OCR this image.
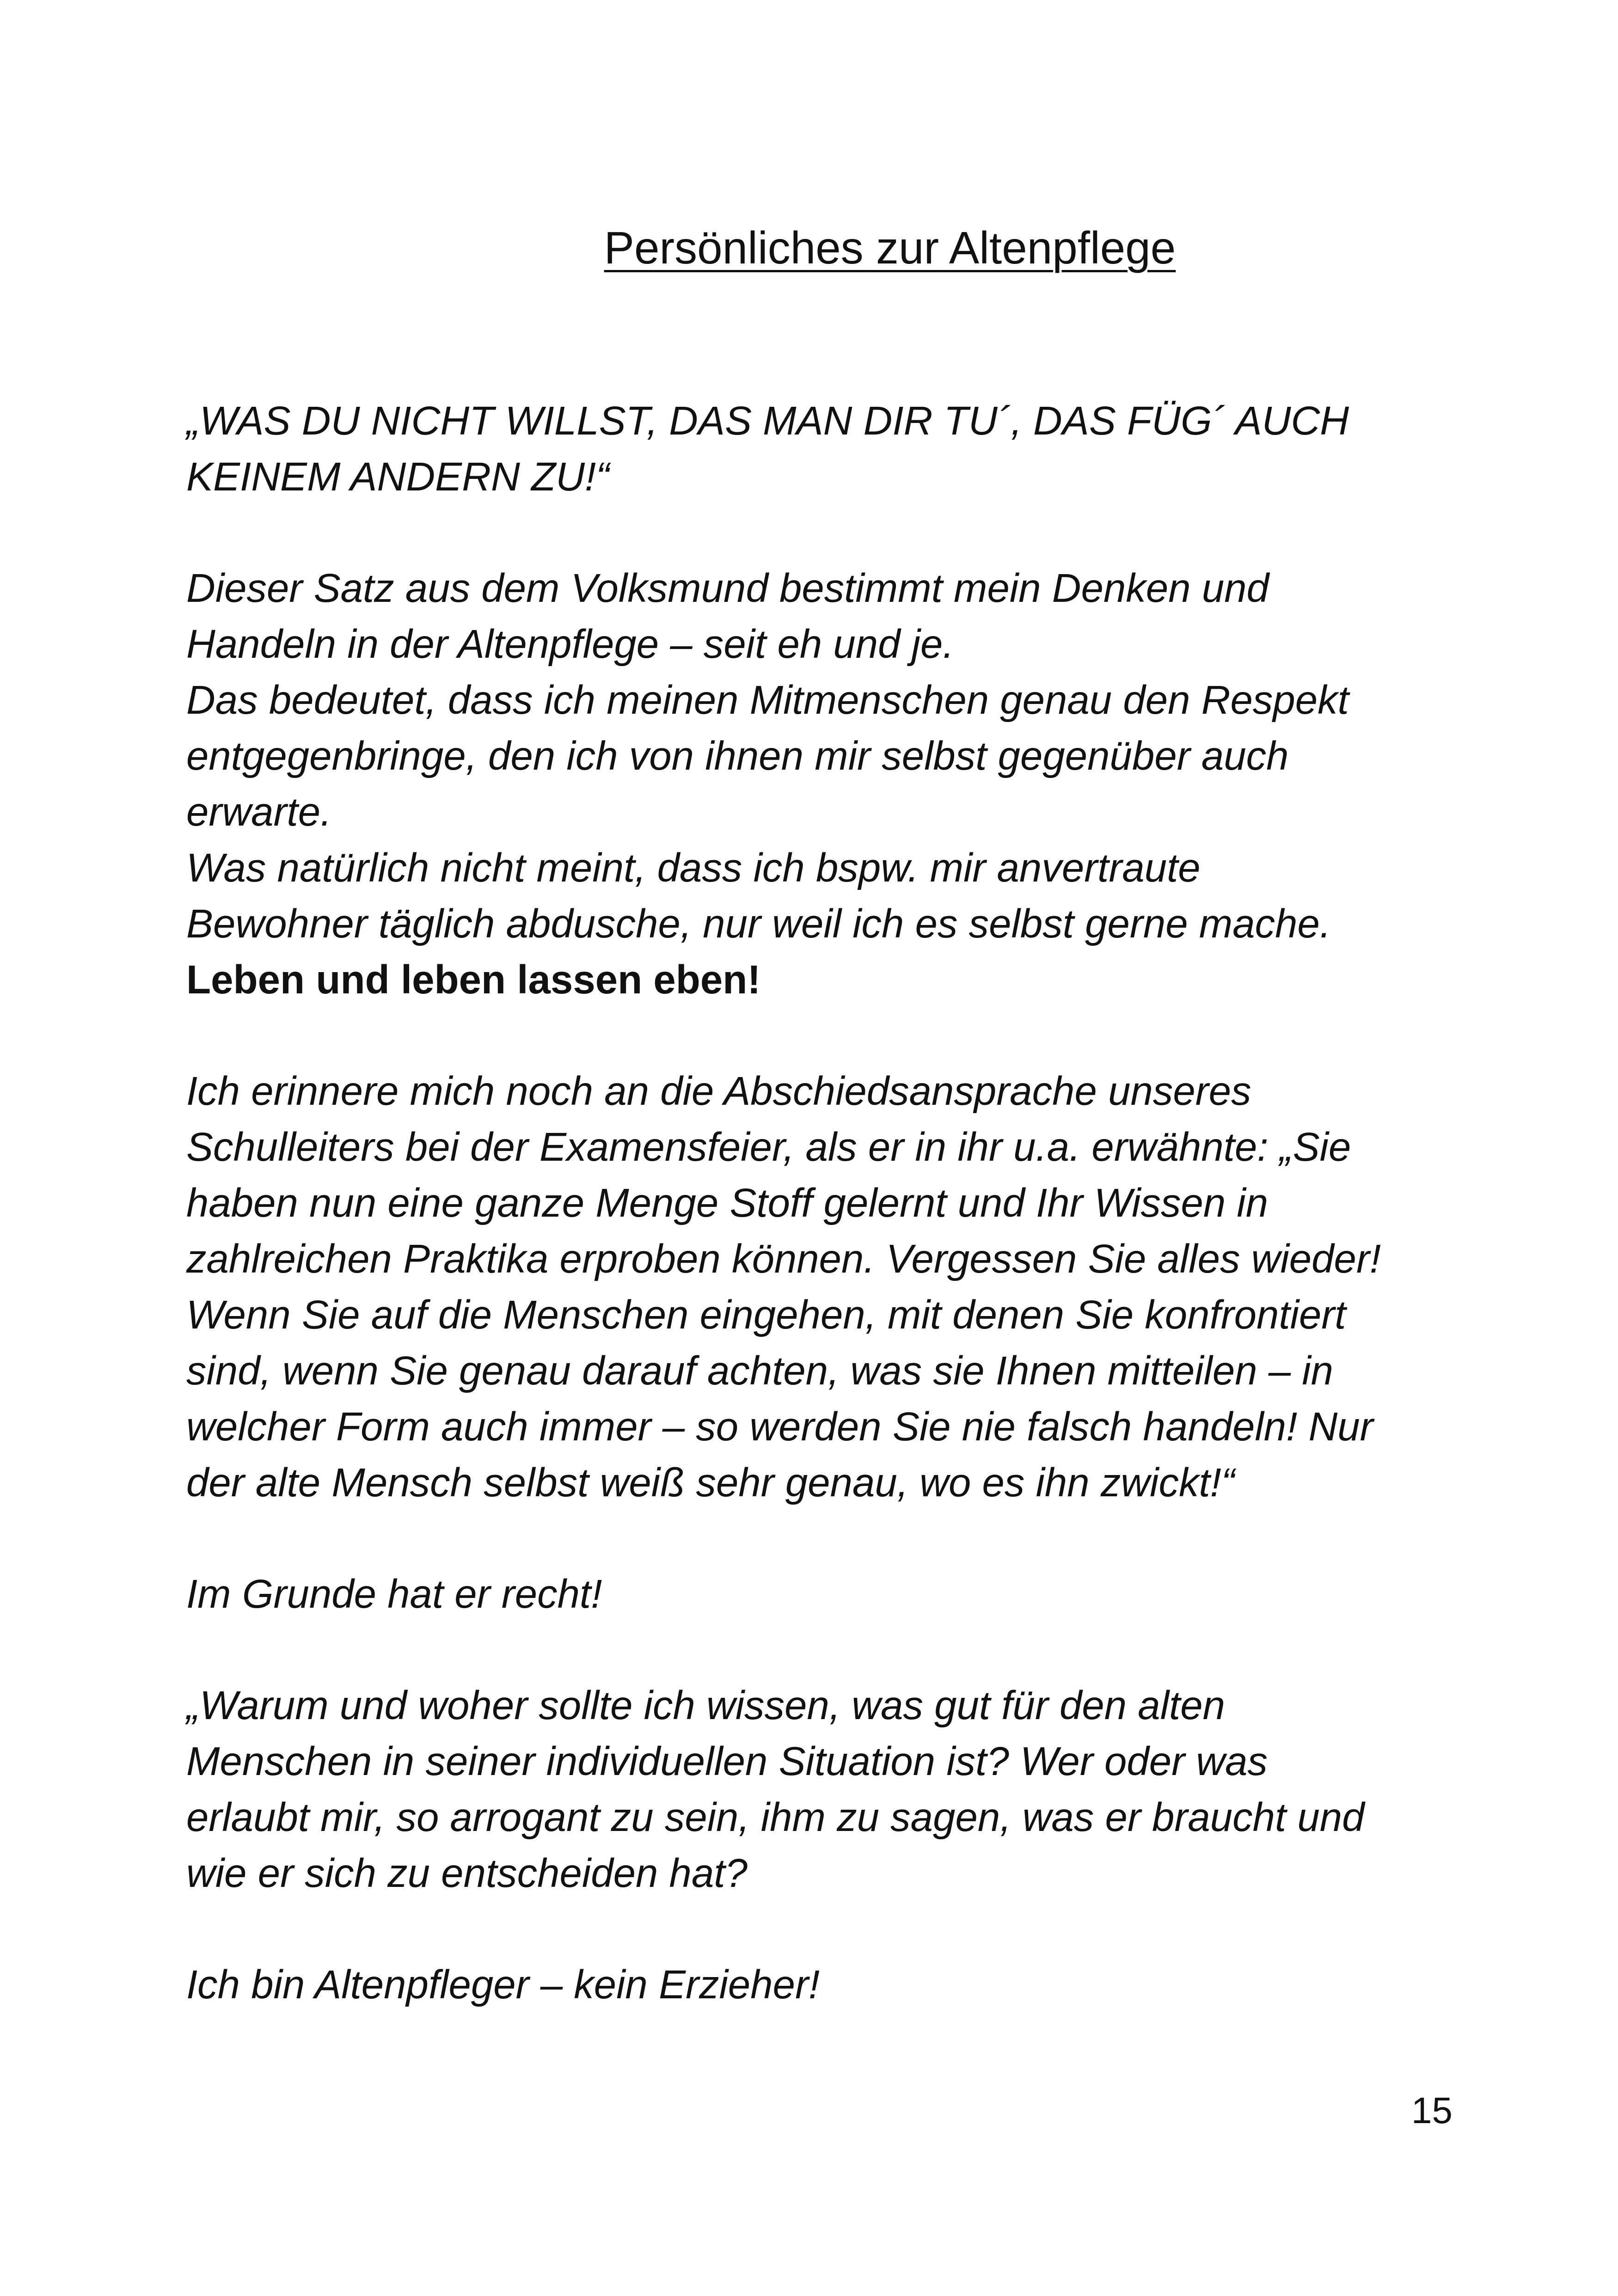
Persönliches zur Altenpflege
„WAS DU NICHT WILLST, DAS MAN DIR TU´, DAS FÜG´ AUCH
KEINEM ANDERN ZU!“
Dieser Satz aus dem Volksmund bestimmt mein Denken und
Handeln in der Altenpflege – seit eh und je.
Das bedeutet, dass ich meinen Mitmenschen genau den Respekt
entgegenbringe, den ich von ihnen mir selbst gegenüber auch
erwarte.
Was natürlich nicht meint, dass ich bspw. mir anvertraute
Bewohner täglich abdusche, nur weil ich es selbst gerne mache.
Leben und leben lassen eben!
Ich erinnere mich noch an die Abschiedsansprache unseres
Schulleiters bei der Examensfeier, als er in ihr u.a. erwähnte: „Sie
haben nun eine ganze Menge Stoff gelernt und Ihr Wissen in
zahlreichen Praktika erproben können. Vergessen Sie alles wieder!
Wenn Sie auf die Menschen eingehen, mit denen Sie konfrontiert
sind, wenn Sie genau darauf achten, was sie Ihnen mitteilen – in
welcher Form auch immer – so werden Sie nie falsch handeln! Nur
der alte Mensch selbst weiß sehr genau, wo es ihn zwickt!“
Im Grunde hat er recht!
„Warum und woher sollte ich wissen, was gut für den alten
Menschen in seiner individuellen Situation ist? Wer oder was
erlaubt mir, so arrogant zu sein, ihm zu sagen, was er braucht und
wie er sich zu entscheiden hat?
Ich bin Altenpfleger – kein Erzieher!
15
